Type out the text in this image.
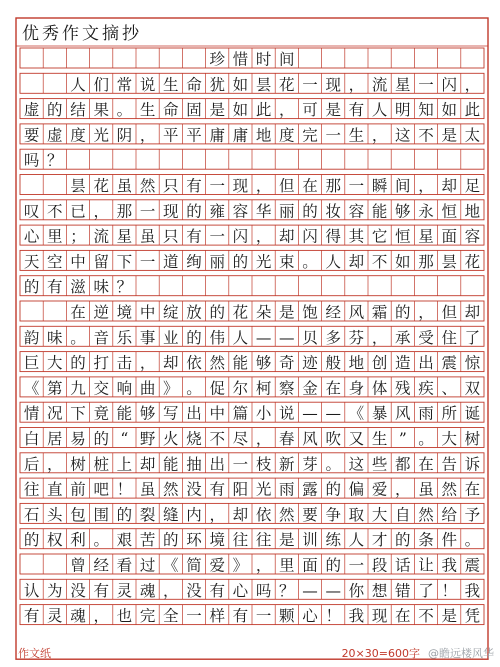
优秀作文摘抄
珍 惜 时 间
人 们 常 说 生 命 犹 如 昙 花 一 现 ， 流 星 一 闪 ，
虚 的 结 果 。 生 命 固 是 如 此 ， 可 是 有 人 明 知 如 此
要 虚 度 光 阴 ， 平 平 庸 庸 地 度 完 一 生 ， 这 不 是 太
吗 ？
昙 花 虽 然 只 有 一 现 ， 但 在 那 一 瞬 间 ， 却 足
叹 不 已 ， 那 一 现 的 雍 容 华 丽 的 妆 容 能 够 永 恒 地
心 里 ； 流 星 虽 只 有 一 闪 ， 却 闪 得 其 它 恒 星 面 容
天 空 中 留 下 一 道 绚 丽 的 光 束 。 人 却 不 如 那 昙 花
的 有 滋 味 ？
在 逆 境 中 绽 放 的 花 朵 是 饱 经 风 霜 的 ， 但 却
韵 味 。 音 乐 事 业 的 伟 人 — — 贝 多 芬 ， 承 受 住 了
巨 大 的 打 击 ， 却 依 然 能 够 奇 迹 般 地 创 造 出 震 惊
《 第 九 交 响 曲 》 。 促 尔 柯 察 金 在 身 体 残 疾 、 双
情 况 下 竟 能 够 写 出 中 篇 小 说 — — 《 暴 风 雨 所 诞
白 居 易 的 “ 野 火 烧 不 尽 ， 春 风 吹 又 生 ” 。 大 树
后 ， 树 桩 上 却 能 抽 出 一 枝 新 芽 。 这 些 都 在 告 诉
往 直 前 吧 ！ 虽 然 没 有 阳 光 雨 露 的 偏 爱 ， 虽 然 在
石 头 包 围 的 裂 缝 内 ， 却 依 然 要 争 取 大 自 然 给 予
的 权 利 。 艰 苦 的 环 境 往 往 是 训 练 人 才 的 条 件 。
曾 经 看 过 《 简 爱 》 ， 里 面 的 一 段 话 让 我 震
认 为 没 有 灵 魂 ， 没 有 心 吗 ？ — — 你 想 错 了 ！ 我
有 灵 魂 ， 也 完 全 一 样 有 一 颗 心 ！ 我 现 在 不 是 凭
作文纸	20×30=600字 @瞻远楼风华
